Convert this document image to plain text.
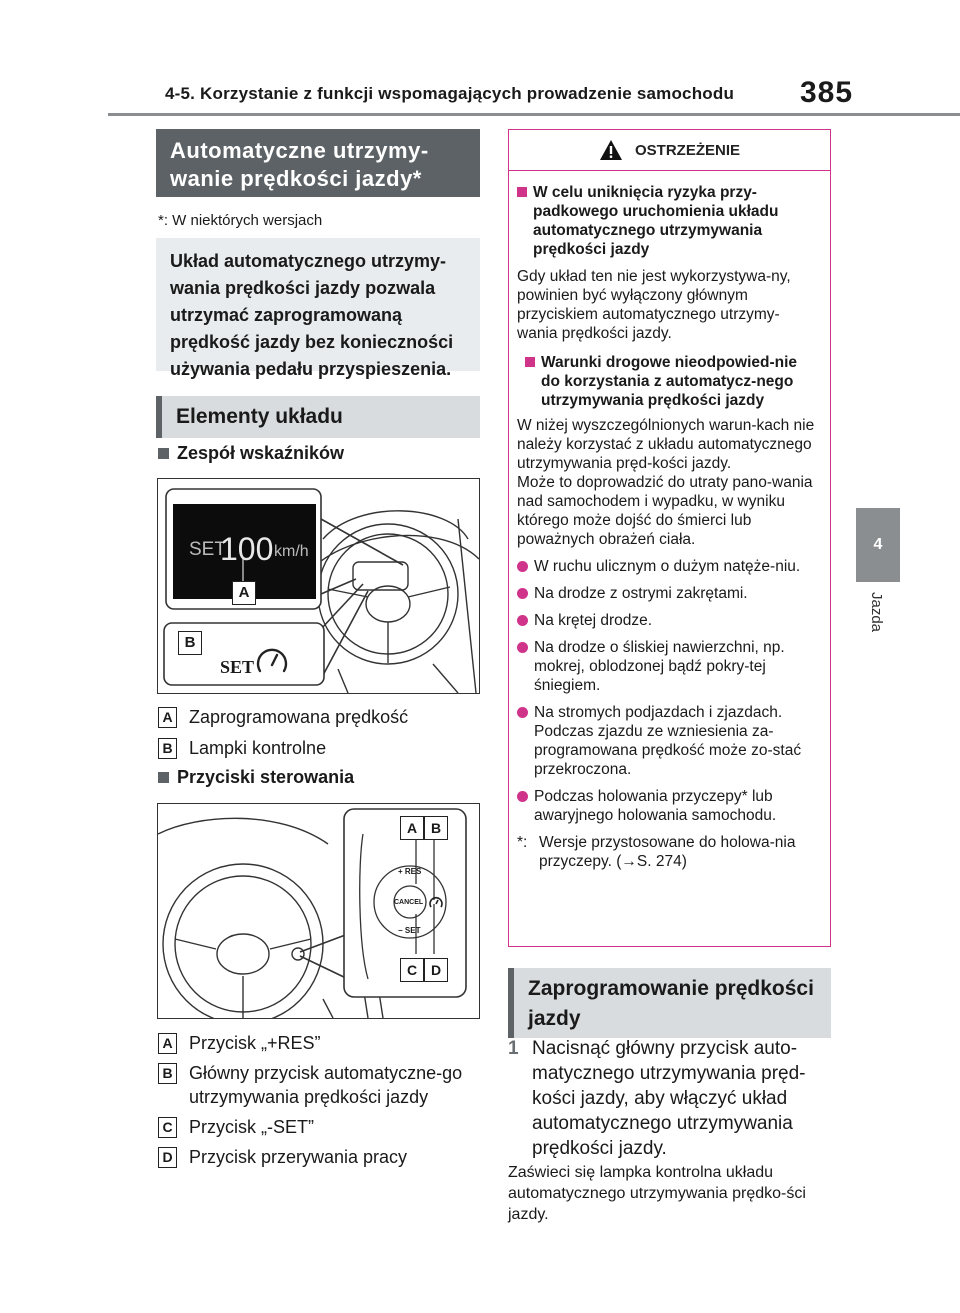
4-5. Korzystanie z funkcji wspomagających prowadzenie samochodu 385
4
Jazda
Automatyczne utrzymy-
wanie prędkości jazdy*
*: W niektórych wersjach
Układ automatycznego utrzymy-wania prędkości jazdy pozwala utrzymać zaprogramowaną prędkość jazdy bez konieczności używania pedału przyspieszenia.
Elementy układu
Zespół wskaźników
SET
100 km/h
A
B
SET
A Zaprogramowana prędkość
B Lampki kontrolne
Przyciski sterowania
A B
C D
+ RES
CANCEL
− SET
A Przycisk „+RES”
B Główny przycisk automatyczne-go utrzymywania prędkości jazdy
C Przycisk „-SET”
D Przycisk przerywania pracy
OSTRZEŻENIE
W celu uniknięcia ryzyka przy-padkowego uruchomienia układu automatycznego utrzymywania prędkości jazdy
Gdy układ ten nie jest wykorzystywa-ny, powinien być wyłączony głównym przyciskiem automatycznego utrzymy-wania prędkości jazdy.
Warunki drogowe nieodpowied-nie do korzystania z automatycz-nego utrzymywania prędkości jazdy
W niżej wyszczególnionych warun-kach nie należy korzystać z układu automatycznego utrzymywania pręd-kości jazdy.
Może to doprowadzić do utraty pano-wania nad samochodem i wypadku, w wyniku którego może dojść do śmierci lub poważnych obrażeń ciała.
W ruchu ulicznym o dużym natęże-niu.
Na drodze z ostrymi zakrętami.
Na krętej drodze.
Na drodze o śliskiej nawierzchni, np. mokrej, oblodzonej bądź pokry-tej śniegiem.
Na stromych podjazdach i zjazdach. Podczas zjazdu ze wzniesienia za-programowana prędkość może zo-stać przekroczona.
Podczas holowania przyczepy* lub awaryjnego holowania samochodu.
*: Wersje przystosowane do holowa-nia przyczepy. (→S. 274)
Zaprogramowanie prędkości jazdy
1 Nacisnąć główny przycisk auto-matycznego utrzymywania pręd-kości jazdy, aby włączyć układ automatycznego utrzymywania prędkości jazdy.
Zaświeci się lampka kontrolna układu automatycznego utrzymywania prędko-ści jazdy.
